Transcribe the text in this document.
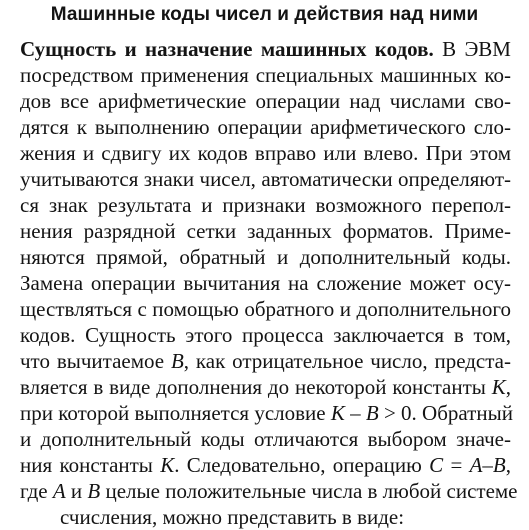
Машинные коды чисел и действия над ними
Сущность и назначение машинных кодов. В ЭВМ
посредством применения специальных машинных ко-
дов все арифметические операции над числами сво-
дятся к выполнению операции арифметического сло-
жения и сдвигу их кодов вправо или влево. При этом
учитываются знаки чисел, автоматически определяют-
ся знак результата и признаки возможного перепол-
нения разрядной сетки заданных форматов. Приме-
няются прямой, обратный и дополнительный коды.
Замена операции вычитания на сложение может осу-
ществляться с помощью обратного и дополнительного
кодов. Сущность этого процесса заключается в том,
что вычитаемое B, как отрицательное число, предста-
вляется в виде дополнения до некоторой константы K,
при которой выполняется условие K – B > 0. Обратный
и дополнительный коды отличаются выбором значе-
ния константы K. Следовательно, операцию C = A–B,
где A и B целые положительные числа в любой системе
счисления, можно представить в виде:
